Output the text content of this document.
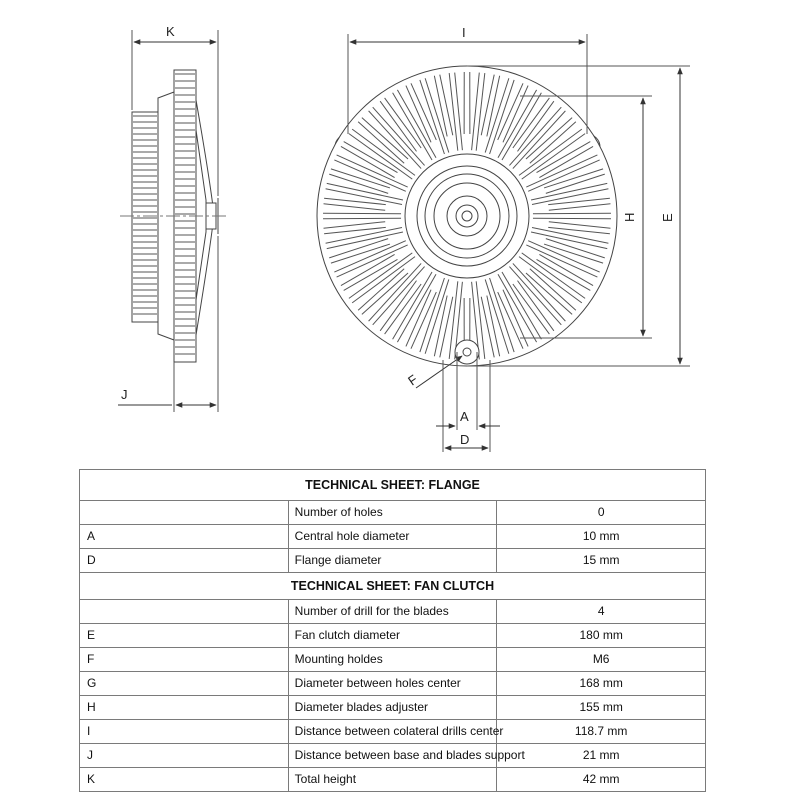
K
J
I
H E
F
A
D
TECHNICAL SHEET: FLANGE		
	Number of holes	0
A	Central hole diameter	10 mm
D	Flange diameter	15 mm
TECHNICAL SHEET: FAN CLUTCH		
	Number of drill for the blades	4
E	Fan clutch diameter	180 mm
F	Mounting holdes	M6
G	Diameter between holes center	168 mm
H	Diameter blades adjuster	155 mm
I	Distance between colateral drills center	118.7 mm
J	Distance between base and blades support	21 mm
K	Total height	42 mm
